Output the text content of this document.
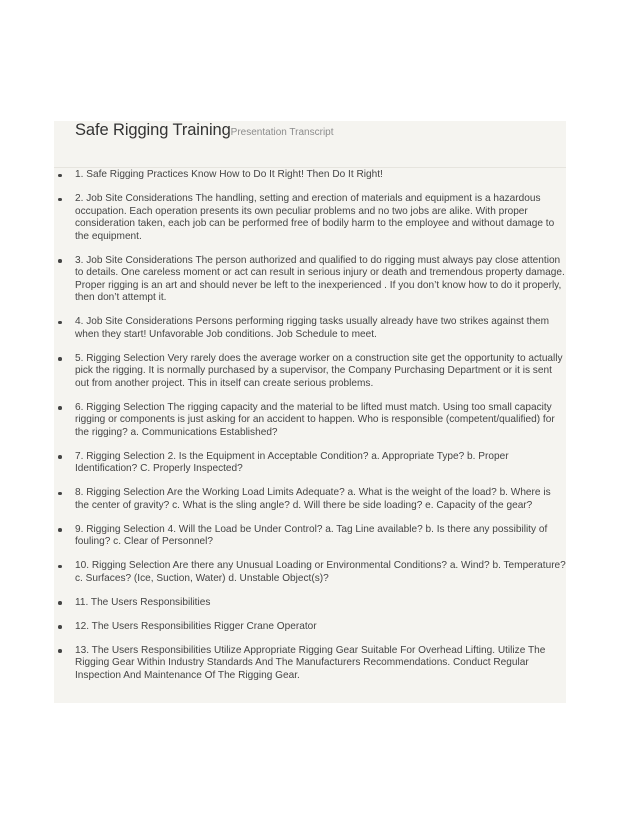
Safe Rigging TrainingPresentation Transcript
1. Safe Rigging Practices Know How to Do It Right! Then Do It Right!
2. Job Site Considerations The handling, setting and erection of materials and equipment is a hazardous occupation. Each operation presents its own peculiar problems and no two jobs are alike. With proper consideration taken, each job can be performed free of bodily harm to the employee and without damage to the equipment.
3. Job Site Considerations The person authorized and qualified to do rigging must always pay close attention to details. One careless moment or act can result in serious injury or death and tremendous property damage. Proper rigging is an art and should never be left to the inexperienced . If you don’t know how to do it properly, then don’t attempt it.
4. Job Site Considerations Persons performing rigging tasks usually already have two strikes against them when they start! Unfavorable Job conditions. Job Schedule to meet.
5. Rigging Selection Very rarely does the average worker on a construction site get the opportunity to actually pick the rigging. It is normally purchased by a supervisor, the Company Purchasing Department or it is sent out from another project. This in itself can create serious problems.
6. Rigging Selection The rigging capacity and the material to be lifted must match. Using too small capacity rigging or components is just asking for an accident to happen. Who is responsible (competent/qualified) for the rigging? a. Communications Established?
7. Rigging Selection 2. Is the Equipment in Acceptable Condition? a. Appropriate Type? b. Proper Identification? C. Properly Inspected?
8. Rigging Selection Are the Working Load Limits Adequate? a. What is the weight of the load? b. Where is the center of gravity? c. What is the sling angle? d. Will there be side loading? e. Capacity of the gear?
9. Rigging Selection 4. Will the Load be Under Control? a. Tag Line available? b. Is there any possibility of fouling? c. Clear of Personnel?
10. Rigging Selection Are there any Unusual Loading or Environmental Conditions? a. Wind? b. Temperature? c. Surfaces? (Ice, Suction, Water) d. Unstable Object(s)?
11. The Users Responsibilities
12. The Users Responsibilities Rigger Crane Operator
13. The Users Responsibilities Utilize Appropriate Rigging Gear Suitable For Overhead Lifting. Utilize The Rigging Gear Within Industry Standards And The Manufacturers Recommendations. Conduct Regular Inspection And Maintenance Of The Rigging Gear.
